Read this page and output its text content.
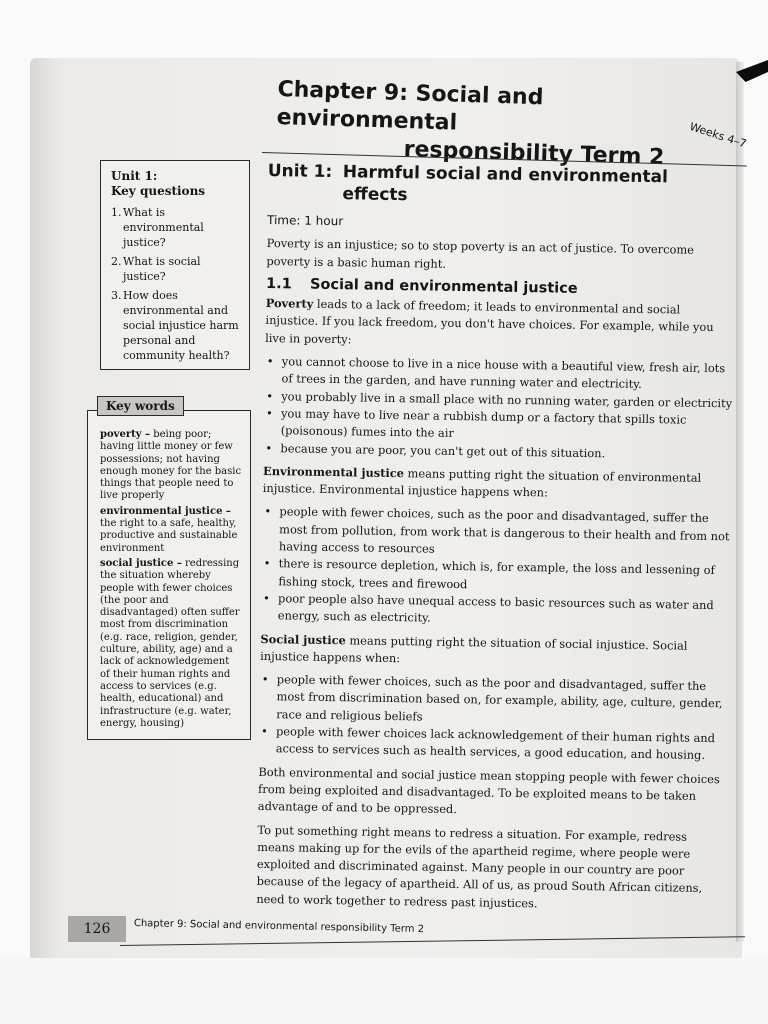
Chapter 9: Social and environmental
responsibility Term 2
Weeks 4–7
Unit 1:
Key questions
1. What is environmental justice?
2. What is social justice?
3. How does environmental and social injustice harm personal and community health?
poverty – being poor; having little money or few possessions; not having enough money for the basic things that people need to live properly
environmental justice – the right to a safe, healthy, productive and sustainable environment
social justice – redressing the situation whereby people with fewer choices (the poor and disadvantaged) often suffer most from discrimination (e.g. race, religion, gender, culture, ability, age) and a lack of acknowledgement of their human rights and access to services (e.g. health, educational) and infrastructure (e.g. water, energy, housing)
Key words
Unit 1: Harmful social and environmental
effects
Time: 1 hour

Poverty is an injustice; so to stop poverty is an act of justice. To overcome poverty is a basic human right.

1.1 Social and environmental justice

Poverty leads to a lack of freedom; it leads to environmental and social injustice. If you lack freedom, you don't have choices. For example, while you live in poverty:

• you cannot choose to live in a nice house with a beautiful view, fresh air, lots of trees in the garden, and have running water and electricity.
• you probably live in a small place with no running water, garden or electricity
• you may have to live near a rubbish dump or a factory that spills toxic (poisonous) fumes into the air
• because you are poor, you can't get out of this situation.

Environmental justice means putting right the situation of environmental injustice. Environmental injustice happens when:

• people with fewer choices, such as the poor and disadvantaged, suffer the most from pollution, from work that is dangerous to their health and from not having access to resources
• there is resource depletion, which is, for example, the loss and lessening of fishing stock, trees and firewood
• poor people also have unequal access to basic resources such as water and energy, such as electricity.

Social justice means putting right the situation of social injustice. Social injustice happens when:

• people with fewer choices, such as the poor and disadvantaged, suffer the most from discrimination based on, for example, ability, age, culture, gender, race and religious beliefs
• people with fewer choices lack acknowledgement of their human rights and access to services such as health services, a good education, and housing.

Both environmental and social justice mean stopping people with fewer choices from being exploited and disadvantaged. To be exploited means to be taken advantage of and to be oppressed.

To put something right means to redress a situation. For example, redress means making up for the evils of the apartheid regime, where people were exploited and discriminated against. Many people in our country are poor because of the legacy of apartheid. All of us, as proud South African citizens, need to work together to redress past injustices.

126	Chapter 9: Social and environmental responsibility Term 2
